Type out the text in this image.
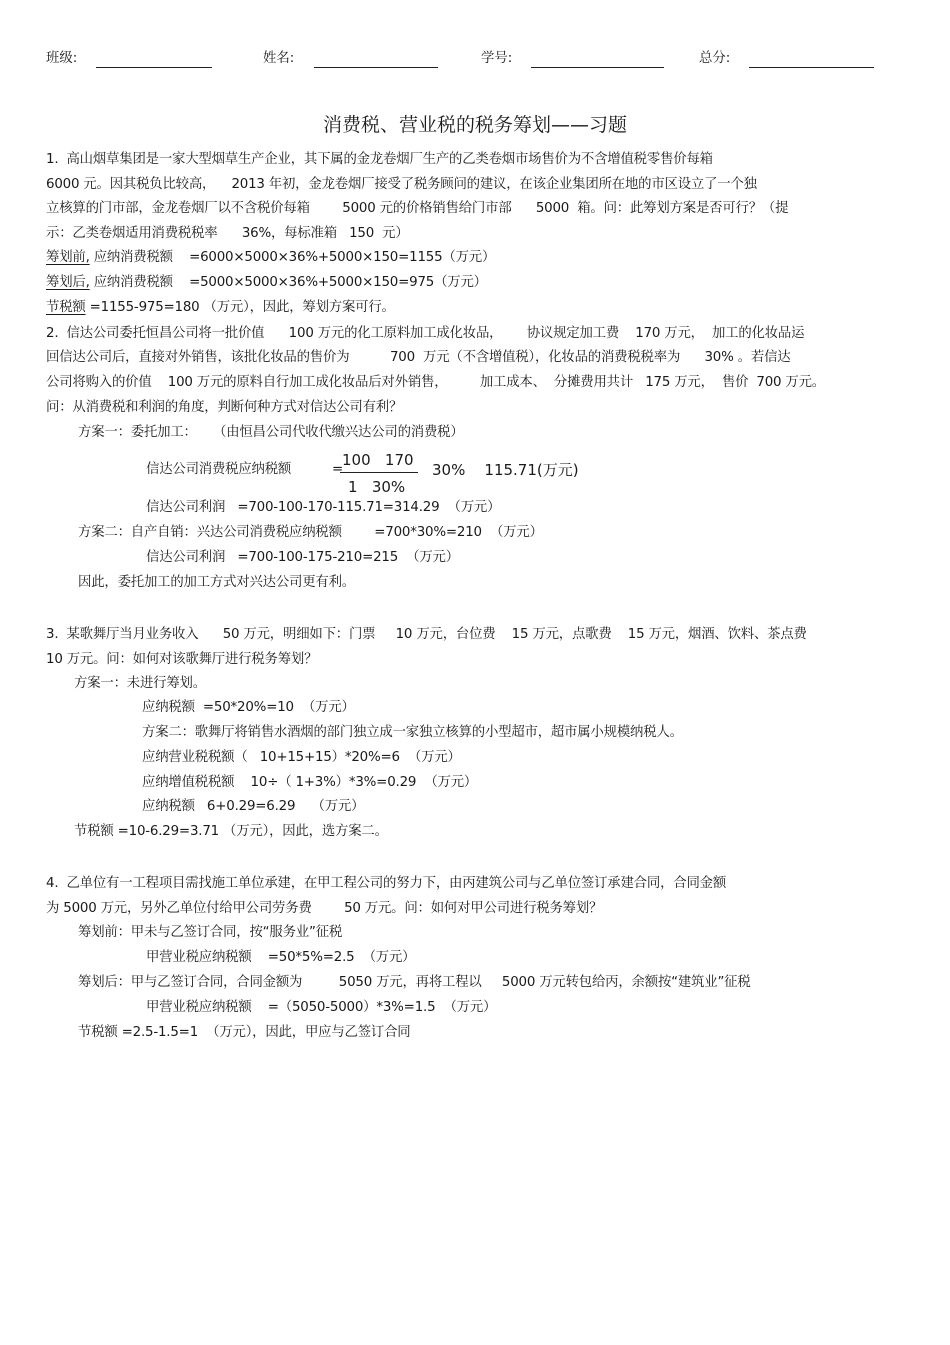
班级:	姓名:	学号:	总分:
消费税、营业税的税务筹划——习题
1.  高山烟草集团是一家大型烟草生产企业，其下属的金龙卷烟厂生产的乙类卷烟市场售价为不含增值税零售价每箱
6000 元。因其税负比较高，    2013 年初，金龙卷烟厂接受了税务顾问的建议，在该企业集团所在地的市区设立了一个独
立核算的门市部，金龙卷烟厂以不含税价每箱        5000 元的价格销售给门市部      5000  箱。问：此筹划方案是否可行？（提
示：乙类卷烟适用消费税税率      36%，每标准箱   150  元）
筹划前, 应纳消费税额    =6000×5000×36%+5000×150=1155（万元）
筹划后, 应纳消费税额    =5000×5000×36%+5000×150=975（万元）
节税额 =1155-975=180 （万元），因此，筹划方案可行。
2.  信达公司委托恒昌公司将一批价值      100 万元的化工原料加工成化妆品，      协议规定加工费    170 万元，  加工的化妆品运
回信达公司后，直接对外销售，该批化妆品的售价为          700  万元（不含增值税），化妆品的消费税税率为      30% 。若信达
公司将购入的价值    100 万元的原料自行加工成化妆品后对外销售，        加工成本、  分摊费用共计   175 万元，  售价  700 万元。
问：从消费税和利润的角度，判断何种方式对信达公司有利？
方案一：委托加工：    （由恒昌公司代收代缴兴达公司的消费税）
信达公司消费税应纳税额	=
100   170
1   30%
30%    115.71(万元)
信达公司利润   =700-100-170-115.71=314.29  （万元）
方案二：自产自销：兴达公司消费税应纳税额        =700*30%=210  （万元）
信达公司利润   =700-100-175-210=215  （万元）
因此，委托加工的加工方式对兴达公司更有利。
3.  某歌舞厅当月业务收入      50 万元，明细如下：门票     10 万元，台位费    15 万元，点歌费    15 万元，烟酒、饮料、茶点费
10 万元。问：如何对该歌舞厅进行税务筹划？
方案一：未进行筹划。
应纳税额  =50*20%=10  （万元）
方案二：歌舞厅将销售水酒烟的部门独立成一家独立核算的小型超市，超市属小规模纳税人。
应纳营业税税额（   10+15+15）*20%=6  （万元）
应纳增值税税额    10÷（ 1+3%）*3%=0.29  （万元）
应纳税额   6+0.29=6.29    （万元）
节税额 =10-6.29=3.71 （万元），因此，选方案二。
4.  乙单位有一工程项目需找施工单位承建，在甲工程公司的努力下，由丙建筑公司与乙单位签订承建合同，合同金额
为 5000 万元，另外乙单位付给甲公司劳务费        50 万元。问：如何对甲公司进行税务筹划？
筹划前：甲未与乙签订合同，按“服务业”征税
甲营业税应纳税额    =50*5%=2.5  （万元）
筹划后：甲与乙签订合同，合同金额为         5050 万元，再将工程以     5000 万元转包给丙，余额按“建筑业”征税
甲营业税应纳税额    =（5050-5000）*3%=1.5  （万元）
节税额 =2.5-1.5=1  （万元），因此，甲应与乙签订合同
